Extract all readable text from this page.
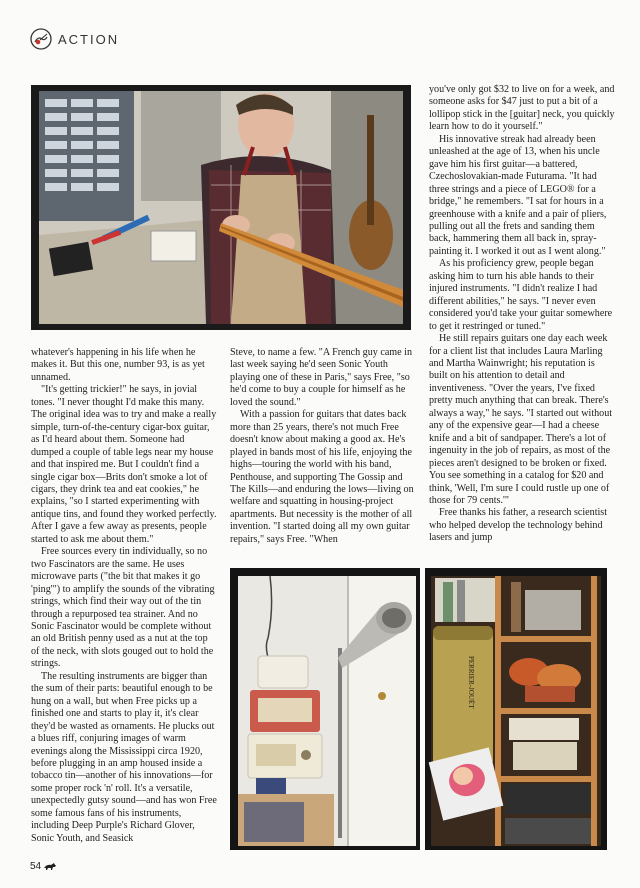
ACTION

you've only got $32 to live on for a week, and someone asks for $47 just to put a bit of a lollipop stick in the [guitar] neck, you quickly learn how to do it yourself."

His innovative streak had already been unleashed at the age of 13, when his uncle gave him his first guitar—a battered, Czechoslovakian-made Futurama. "It had three strings and a piece of LEGO® for a bridge," he remembers. "I sat for hours in a greenhouse with a knife and a pair of pliers, pulling out all the frets and sanding them back, hammering them all back in, spray-painting it. I worked it out as I went along."

As his proficiency grew, people began asking him to turn his able hands to their injured instruments. "I didn't realize I had different abilities," he says. "I never even considered you'd take your guitar somewhere to get it restringed or tuned."

He still repairs guitars one day each week for a client list that includes Laura Marling and Martha Wainwright; his reputation is built on his attention to detail and inventiveness. "Over the years, I've fixed pretty much anything that can break. There's always a way," he says. "I started out without any of the expensive gear—I had a cheese knife and a bit of sandpaper. There's a lot of ingenuity in the job of repairs, as most of the pieces aren't designed to be broken or fixed. You see something in a catalog for $20 and think, 'Well, I'm sure I could rustle up one of those for 79 cents.'"

Free thanks his father, a research scientist who helped develop the technology behind lasers and jump

whatever's happening in his life when he makes it. But this one, number 93, is as yet unnamed.

"It's getting trickier!" he says, in jovial tones. "I never thought I'd make this many. The original idea was to try and make a really simple, turn-of-the-century cigar-box guitar, as I'd heard about them. Someone had dumped a couple of table legs near my house and that inspired me. But I couldn't find a single cigar box—Brits don't smoke a lot of cigars, they drink tea and eat cookies," he explains, "so I started experimenting with antique tins, and found they worked perfectly. After I gave a few away as presents, people started to ask me about them."

Free sources every tin individually, so no two Fascinators are the same. He uses microwave parts ("the bit that makes it go 'ping'") to amplify the sounds of the vibrating strings, which find their way out of the tin through a repurposed tea strainer. And no Sonic Fascinator would be complete without an old British penny used as a nut at the top of the neck, with slots gouged out to hold the strings.

The resulting instruments are bigger than the sum of their parts: beautiful enough to be hung on a wall, but when Free picks up a finished one and starts to play it, it's clear they'd be wasted as ornaments. He plucks out a blues riff, conjuring images of warm evenings along the Mississippi circa 1920, before plugging in an amp housed inside a tobacco tin—another of his innovations—for some proper rock 'n' roll. It's a versatile, unexpectedly gutsy sound—and has won Free some famous fans of his instruments, including Deep Purple's Richard Glover, Sonic Youth, and Seasick

Steve, to name a few. "A French guy came in last week saying he'd seen Sonic Youth playing one of these in Paris," says Free, "so he'd come to buy a couple for himself as he loved the sound."

With a passion for guitars that dates back more than 25 years, there's not much Free doesn't know about making a good ax. He's played in bands most of his life, enjoying the highs—touring the world with his band, Penthouse, and supporting The Gossip and The Kills—and enduring the lows—living on welfare and squatting in housing-project apartments. But necessity is the mother of all invention. "I started doing all my own guitar repairs," says Free. "When

PERRIER-JOUËT
54
